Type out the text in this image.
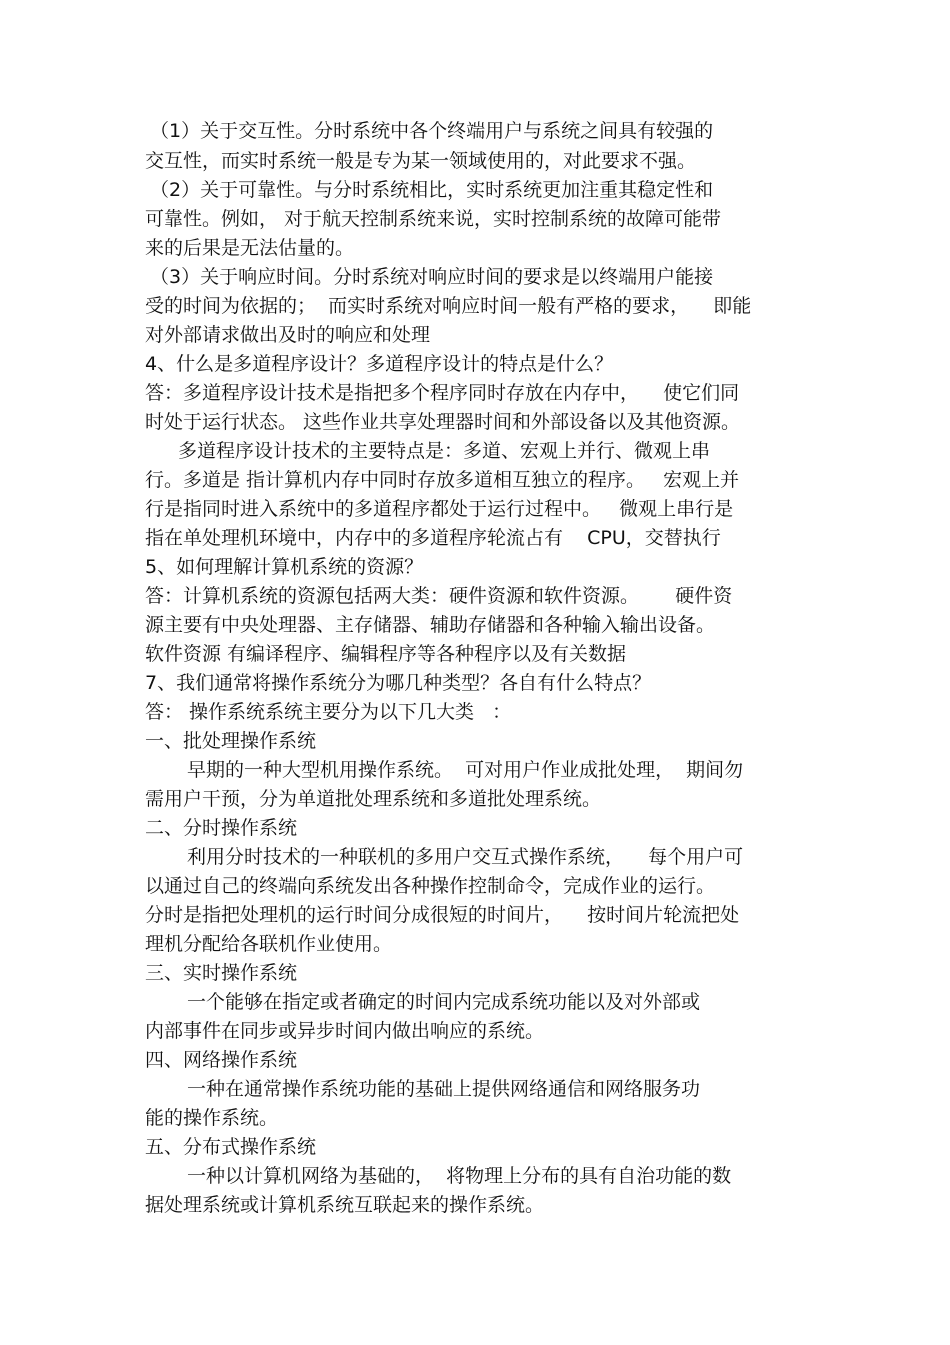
（1）关于交互性。分时系统中各个终端用户与系统之间具有较强的
交互性，而实时系统一般是专为某一领域使用的，对此要求不强。
（2）关于可靠性。与分时系统相比，实时系统更加注重其稳定性和
可靠性。例如， 对于航天控制系统来说，实时控制系统的故障可能带
来的后果是无法估量的。
（3）关于响应时间。分时系统对响应时间的要求是以终端用户能接
受的时间为依据的；  而实时系统对响应时间一般有严格的要求，    即能
对外部请求做出及时的响应和处理
4、什么是多道程序设计？多道程序设计的特点是什么？
答：多道程序设计技术是指把多个程序同时存放在内存中，    使它们同
时处于运行状态。 这些作业共享处理器时间和外部设备以及其他资源。
多道程序设计技术的主要特点是：多道、宏观上并行、微观上串
行。多道是 指计算机内存中同时存放多道相互独立的程序。   宏观上并
行是指同时进入系统中的多道程序都处于运行过程中。   微观上串行是
指在单处理机环境中，内存中的多道程序轮流占有    CPU，交替执行
5、如何理解计算机系统的资源？
答：计算机系统的资源包括两大类：硬件资源和软件资源。      硬件资
源主要有中央处理器、主存储器、辅助存储器和各种输入输出设备。
软件资源 有编译程序、编辑程序等各种程序以及有关数据
7、我们通常将操作系统分为哪几种类型？各自有什么特点？
答： 操作系统系统主要分为以下几大类   ：
一、批处理操作系统
早期的一种大型机用操作系统。  可对用户作业成批处理，  期间勿
需用户干预，分为单道批处理系统和多道批处理系统。
二、分时操作系统
利用分时技术的一种联机的多用户交互式操作系统，    每个用户可
以通过自己的终端向系统发出各种操作控制命令，完成作业的运行。
分时是指把处理机的运行时间分成很短的时间片，    按时间片轮流把处
理机分配给各联机作业使用。
三、实时操作系统
一个能够在指定或者确定的时间内完成系统功能以及对外部或
内部事件在同步或异步时间内做出响应的系统。
四、网络操作系统
一种在通常操作系统功能的基础上提供网络通信和网络服务功
能的操作系统。
五、分布式操作系统
一种以计算机网络为基础的，  将物理上分布的具有自治功能的数
据处理系统或计算机系统互联起来的操作系统。
